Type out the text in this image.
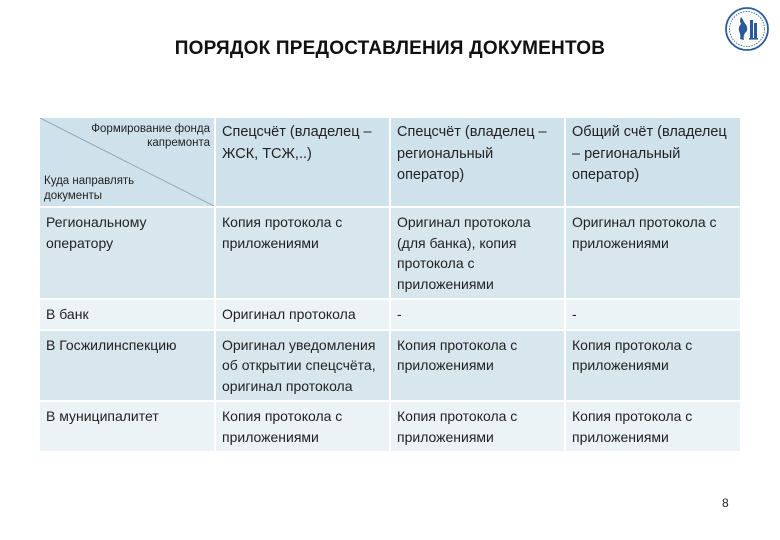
ПОРЯДОК ПРЕДОСТАВЛЕНИЯ ДОКУМЕНТОВ
Формирование фонда
капремонта
Куда направлять
документы	Спецсчёт (владелец – ЖСК, ТСЖ,..)	Спецсчёт (владелец – региональный оператор)	Общий счёт (владелец – региональный оператор)
Региональному оператору	Копия протокола с приложениями	Оригинал протокола (для банка), копия протокола с приложениями	Оригинал протокола с приложениями
В банк	Оригинал протокола	-	-
В Госжилинспекцию	Оригинал уведомления об открытии спецсчёта, оригинал протокола	Копия протокола с приложениями	Копия протокола с приложениями
В муниципалитет	Копия протокола с приложениями	Копия протокола с приложениями	Копия протокола с приложениями
8
